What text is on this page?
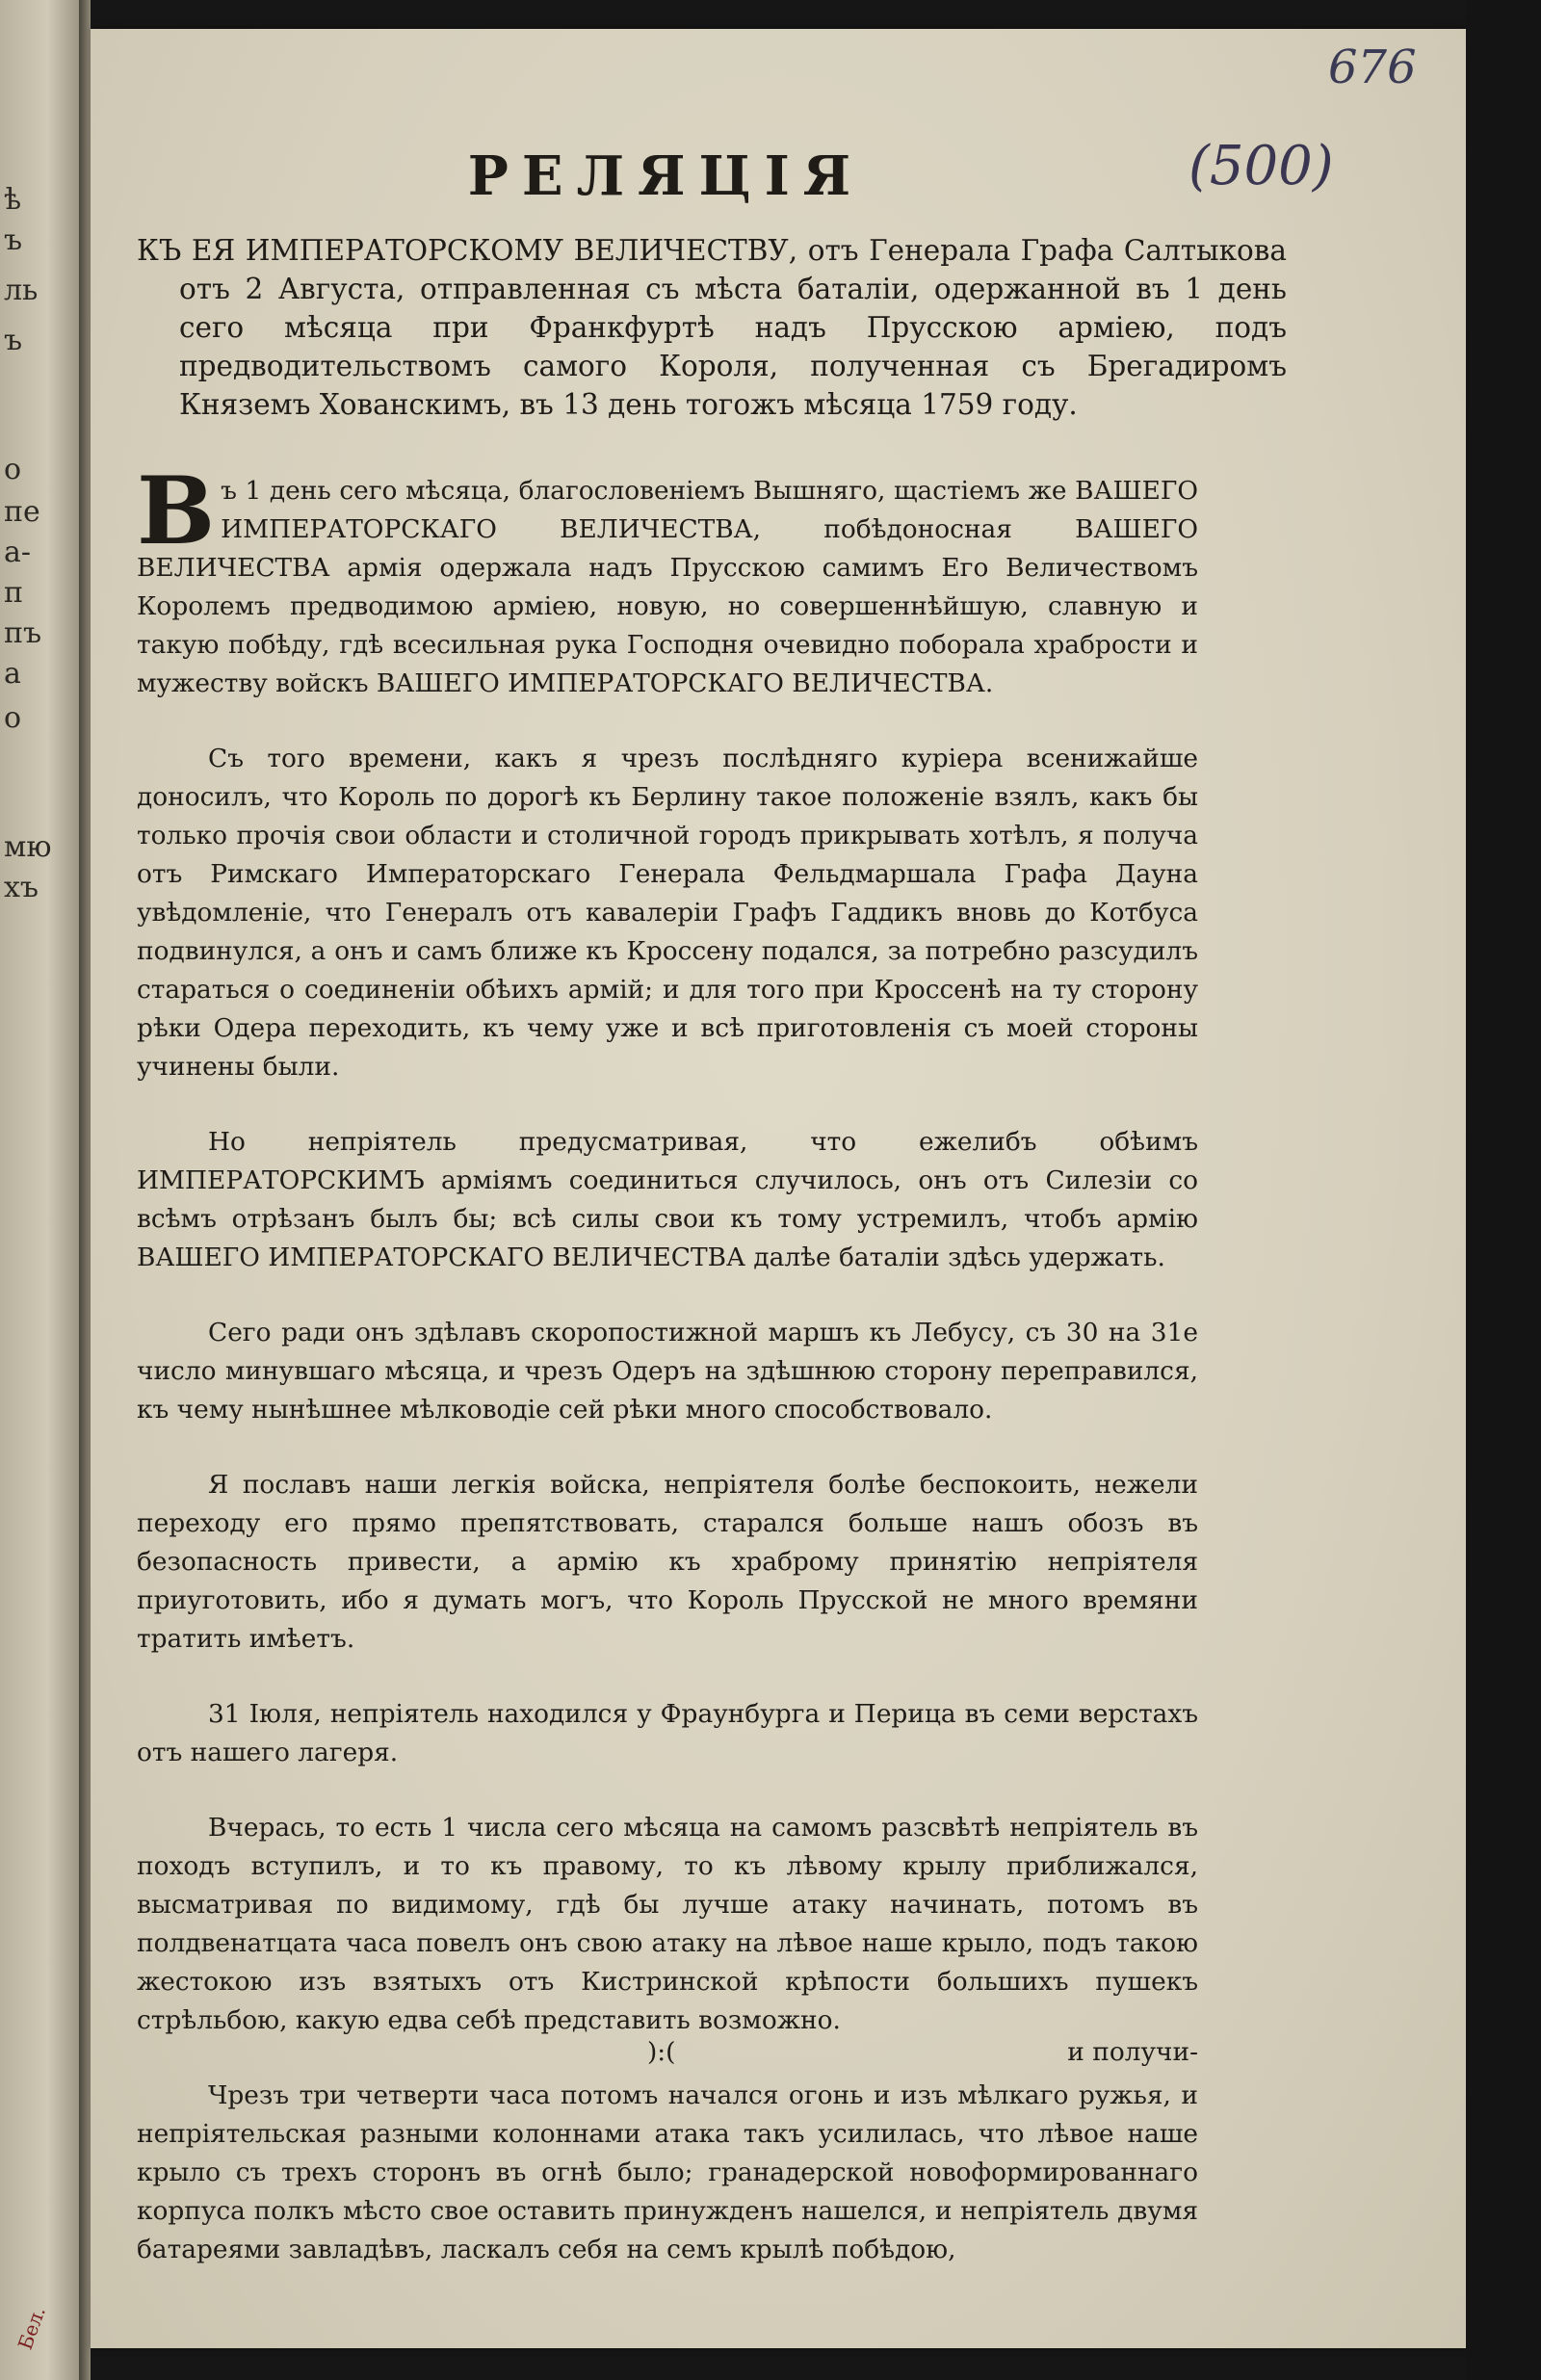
ѣ
ъ
ль
ъ
о
пе
а-
п
пъ
а
о
мю
хъ
Бел.
676
(500)
РЕЛЯЦIЯ
КЪ ЕЯ ИМПЕРАТОРСКОМУ ВЕЛИЧЕСТВУ, отъ Генерала Графа Салтыкова отъ 2 Августа, отправленная съ мѣста баталiи, одержанной въ 1 день сего мѣсяца при Франкфуртѣ надъ Прусскою армiею, подъ предводительствомъ самого Короля, полученная съ Брегадиромъ Княземъ Хованскимъ, въ 13 день тогожъ мѣсяца 1759 году.

Въ 1 день сего мѣсяца, благословенiемъ Вышняго, щастiемъ же ВАШЕГО ИМПЕРАТОРСКАГО ВЕЛИЧЕСТВА, побѣдоносная ВАШЕГО ВЕЛИЧЕСТВА армiя одержала надъ Прусскою самимъ Его Величествомъ Королемъ предводимою армiею, новую, но совершеннѣйшую, славную и такую побѣду, гдѣ всесильная рука Господня очевидно поборала храбрости и мужеству войскъ ВАШЕГО ИМПЕРАТОРСКАГО ВЕЛИЧЕСТВА.

Съ того времени, какъ я чрезъ послѣдняго курiера всенижайше доносилъ, что Король по дорогѣ къ Берлину такое положенiе взялъ, какъ бы только прочiя свои области и столичной городъ прикрывать хотѣлъ, я получа отъ Римскаго Императорскаго Генерала Фельдмаршала Графа Дауна увѣдомленiе, что Генералъ отъ кавалерiи Графъ Гаддикъ вновь до Котбуса подвинулся, а онъ и самъ ближе къ Кроссену подался, за потребно разсудилъ стараться о соединенiи обѣихъ армiй; и для того при Кроссенѣ на ту сторону рѣки Одера переходить, къ чему уже и всѣ приготовленiя съ моей стороны учинены были.

Но непрiятель предусматривая, что ежелибъ обѣимъ ИМПЕРАТОРСКИМЪ армiямъ соединиться случилось, онъ отъ Силезiи со всѣмъ отрѣзанъ былъ бы; всѣ силы свои къ тому устремилъ, чтобъ армiю ВАШЕГО ИМПЕРАТОРСКАГО ВЕЛИЧЕСТВА далѣе баталiи здѣсь удержать.

Сего ради онъ здѣлавъ скоропостижной маршъ къ Лебусу, съ 30 на 31е число минувшаго мѣсяца, и чрезъ Одеръ на здѣшнюю сторону переправился, къ чему нынѣшнее мѣлководiе сей рѣки много способствовало.

Я пославъ наши легкiя войска, непрiятеля болѣе беспокоить, нежели переходу его прямо препятствовать, старался больше нашъ обозъ въ безопасность привести, а армiю къ храброму принятiю непрiятеля приуготовить, ибо я думать могъ, что Король Прусской не много времяни тратить имѣетъ.

31 Iюля, непрiятель находился у Фраунбурга и Перица въ семи верстахъ отъ нашего лагеря.

Вчерась, то есть 1 числа сего мѣсяца на самомъ разсвѣтѣ непрiятель въ походъ вступилъ, и то къ правому, то къ лѣвому крылу приближался, высматривая по видимому, гдѣ бы лучше атаку начинать, потомъ въ полдвенатцата часа повелъ онъ свою атаку на лѣвое наше крыло, подъ такою жестокою изъ взятыхъ отъ Кистринской крѣпости большихъ пушекъ стрѣльбою, какую едва себѣ представить возможно.

Чрезъ три четверти часа потомъ начался огонь и изъ мѣлкаго ружья, и непрiятельская разными колоннами атака такъ усилилась, что лѣвое наше крыло съ трехъ сторонъ въ огнѣ было; гранадерской новоформированнаго корпуса полкъ мѣсто свое оставить принужденъ нашелся, и непрiятель двумя батареями завладѣвъ, ласкалъ себя на семъ крылѣ побѣдою,

):(	и получи-
